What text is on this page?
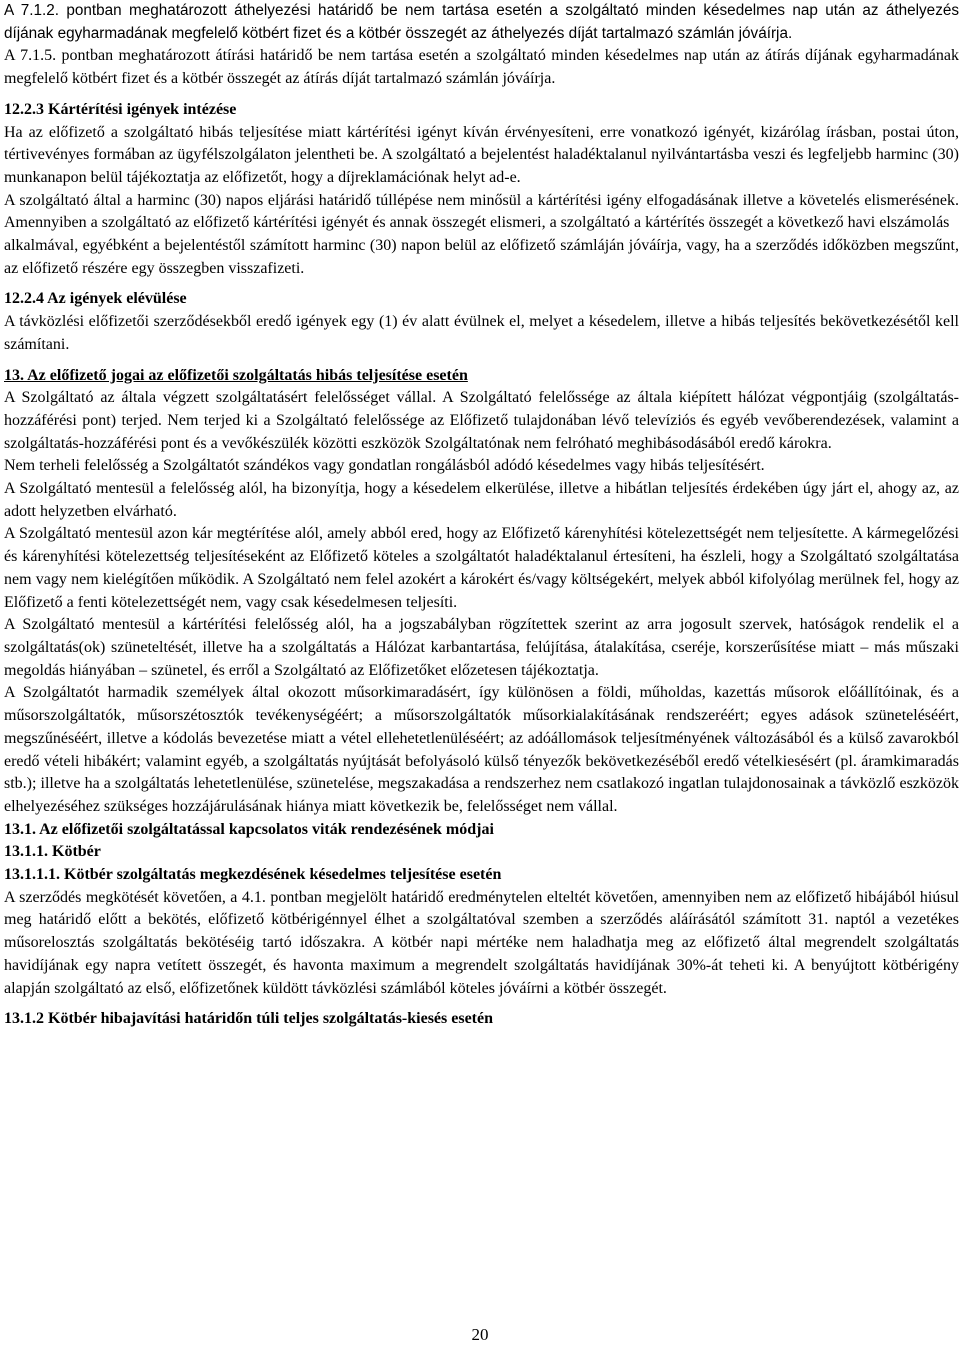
A 7.1.2. pontban meghatározott áthelyezési határidő be nem tartása esetén a szolgáltató minden késedelmes nap után az áthelyezés díjának egyharmadának megfelelő kötbért fizet és a kötbér összegét az áthelyezés díját tartalmazó számlán jóváírja.
A 7.1.5. pontban meghatározott átírási határidő be nem tartása esetén a szolgáltató minden késedelmes nap után az átírás díjának egyharmadának megfelelő kötbért fizet és a kötbér összegét az átírás díját tartalmazó számlán jóváírja.
12.2.3 Kártérítési igények intézése
Ha az előfizető a szolgáltató hibás teljesítése miatt kártérítési igényt kíván érvényesíteni, erre vonatkozó igényét, kizárólag írásban, postai úton, tértivevényes formában az ügyfélszolgálaton jelentheti be. A szolgáltató a bejelentést haladéktalanul nyilvántartásba veszi és legfeljebb harminc (30) munkanapon belül tájékoztatja az előfizetőt, hogy a díjreklamációnak helyt ad-e.
A szolgáltató által a harminc (30) napos eljárási határidő túllépése nem minősül a kártérítési igény elfogadásának illetve a követelés elismerésének. Amennyiben a szolgáltató az előfizető kártérítési igényét és annak összegét elismeri, a szolgáltató a kártérítés összegét a következő havi elszámolás
alkalmával, egyébként a bejelentéstől számított harminc (30) napon belül az előfizető számláján jóváírja, vagy, ha a szerződés időközben megszűnt, az előfizető részére egy összegben visszafizeti.
12.2.4 Az igények elévülése
A távközlési előfizetői szerződésekből eredő igények egy (1) év alatt évülnek el, melyet a késedelem, illetve a hibás teljesítés bekövetkezésétől kell számítani.
13. Az előfizető jogai az előfizetői szolgáltatás hibás teljesítése esetén
A Szolgáltató az általa végzett szolgáltatásért felelősséget vállal. A Szolgáltató felelőssége az általa kiépített hálózat végpontjáig (szolgáltatás-hozzáférési pont) terjed. Nem terjed ki a Szolgáltató felelőssége az Előfizető tulajdonában lévő televíziós és egyéb vevőberendezések, valamint a szolgáltatás-hozzáférési pont és a vevőkészülék közötti eszközök Szolgáltatónak nem felróható meghibásodásából eredő károkra.
Nem terheli felelősség a Szolgáltatót szándékos vagy gondatlan rongálásból adódó késedelmes vagy hibás teljesítésért.
A Szolgáltató mentesül a felelősség alól, ha bizonyítja, hogy a késedelem elkerülése, illetve a hibátlan teljesítés érdekében úgy járt el, ahogy az, az adott helyzetben elvárható.
A Szolgáltató mentesül azon kár megtérítése alól, amely abból ered, hogy az Előfizető kárenyhítési kötelezettségét nem teljesítette. A kármegelőzési és kárenyhítési kötelezettség teljesítéseként az Előfizető köteles a szolgáltatót haladéktalanul értesíteni, ha észleli, hogy a Szolgáltató szolgáltatása nem vagy nem kielégítően működik. A Szolgáltató nem felel azokért a károkért és/vagy költségekért, melyek abból kifolyólag merülnek fel, hogy az Előfizető a fenti kötelezettségét nem, vagy csak késedelmesen teljesíti.
A Szolgáltató mentesül a kártérítési felelősség alól, ha a jogszabályban rögzítettek szerint az arra jogosult szervek, hatóságok rendelik el a szolgáltatás(ok) szüneteltését, illetve ha a szolgáltatás a Hálózat karbantartása, felújítása, átalakítása, cseréje, korszerűsítése miatt – más műszaki megoldás hiányában – szünetel, és erről a Szolgáltató az Előfizetőket előzetesen tájékoztatja.
A Szolgáltatót harmadik személyek által okozott műsorkimaradásért, így különösen a földi, műholdas, kazettás műsorok előállítóinak, és a műsorszolgáltatók, műsorszétosztók tevékenységéért; a műsorszolgáltatók műsorkialakításának rendszeréért; egyes adások szüneteléséért, megszűnéséért, illetve a kódolás bevezetése miatt a vétel ellehetetlenüléséért; az adóállomások teljesítményének változásából és a külső zavarokból eredő vételi hibákért; valamint egyéb, a szolgáltatás nyújtását befolyásoló külső tényezők bekövetkezéséből eredő vételkiesésért (pl. áramkimaradás stb.); illetve ha a szolgáltatás lehetetlenülése, szünetelése, megszakadása a rendszerhez nem csatlakozó ingatlan tulajdonosainak a távközlő eszközök elhelyezéséhez szükséges hozzájárulásának hiánya miatt következik be, felelősséget nem vállal.
13.1. Az előfizetői szolgáltatással kapcsolatos viták rendezésének módjai
13.1.1. Kötbér
13.1.1.1. Kötbér szolgáltatás megkezdésének késedelmes teljesítése esetén
A szerződés megkötését követően, a 4.1. pontban megjelölt határidő eredménytelen elteltét követően, amennyiben nem az előfizető hibájából hiúsul meg határidő előtt a bekötés, előfizető kötbérigénnyel élhet a szolgáltatóval szemben a szerződés aláírásától számított 31. naptól a vezetékes műsorelosztás szolgáltatás bekötéséig tartó időszakra. A kötbér napi mértéke nem haladhatja meg az előfizető által megrendelt szolgáltatás havidíjának egy napra vetített összegét, és havonta maximum a megrendelt szolgáltatás havidíjának 30%-át teheti ki. A benyújtott kötbérigény alapján szolgáltató az első, előfizetőnek küldött távközlési számlából köteles jóváírni a kötbér összegét.
13.1.2 Kötbér hibajavítási határidőn túli teljes szolgáltatás-kiesés esetén
20
